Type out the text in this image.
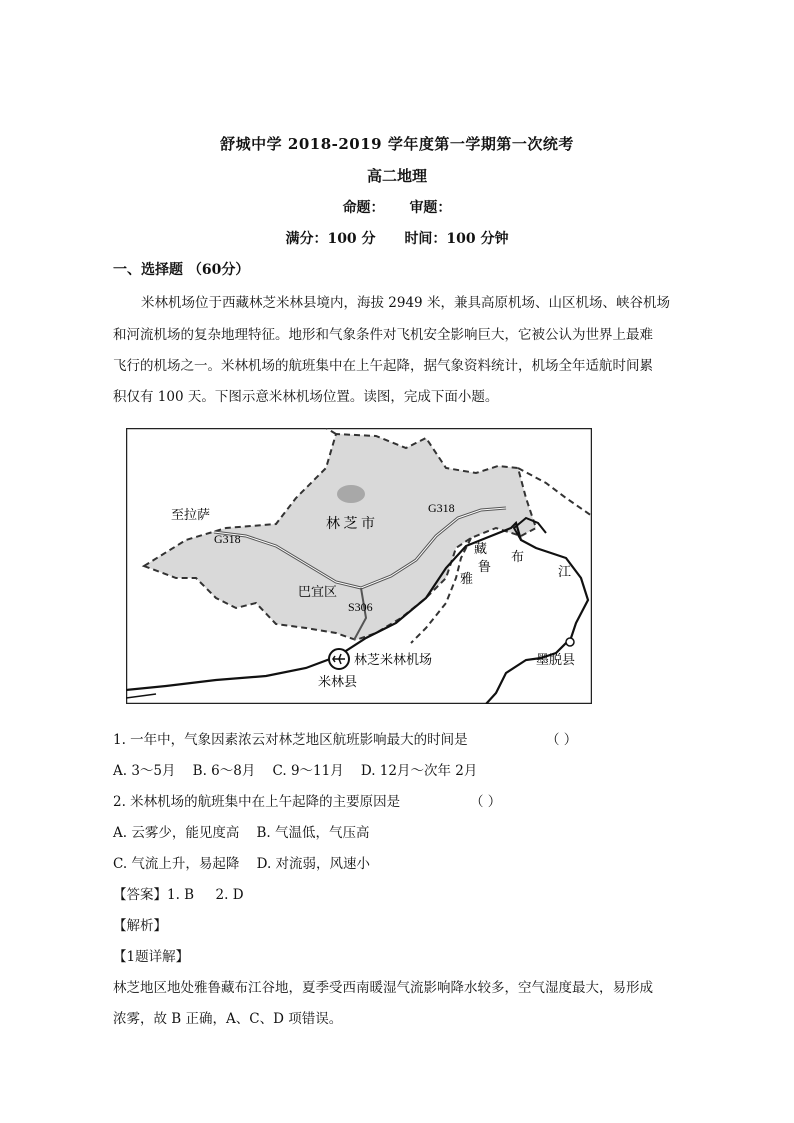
舒城中学 2018-2019 学年度第一学期第一次统考
高二地理
命题： 审题：
满分：100 分 时间：100 分钟
一、选择题 （60分）
米林机场位于西藏林芝米林县境内，海拔 2949 米，兼具高原机场、山区机场、峡谷机场
和河流机场的复杂地理特征。地形和气象条件对飞机安全影响巨大，它被公认为世界上最难
飞行的机场之一。米林机场的航班集中在上午起降，据气象资料统计，机场全年适航时间累
积仅有 100 天。下图示意米林机场位置。读图，完成下面小题。
至拉萨
G318
G318
林 芝 市
巴宜区
S306
林芝米林机场
米林县
墨脱县
雅
鲁
藏
布
江
1. 一年中，气象因素浓云对林芝地区航班影响最大的时间是	（ ）
A. 3～5月    B. 6～8月    C. 9～11月    D. 12月～次年 2月
2. 米林机场的航班集中在上午起降的主要原因是	（ ）
A. 云雾少，能见度高    B. 气温低，气压高
C. 气流上升，易起降    D. 对流弱，风速小
【答案】1. B     2. D
【解析】
【1题详解】
林芝地区地处雅鲁藏布江谷地，夏季受西南暖湿气流影响降水较多，空气湿度最大，易形成
浓雾，故 B 正确，A、C、D 项错误。
